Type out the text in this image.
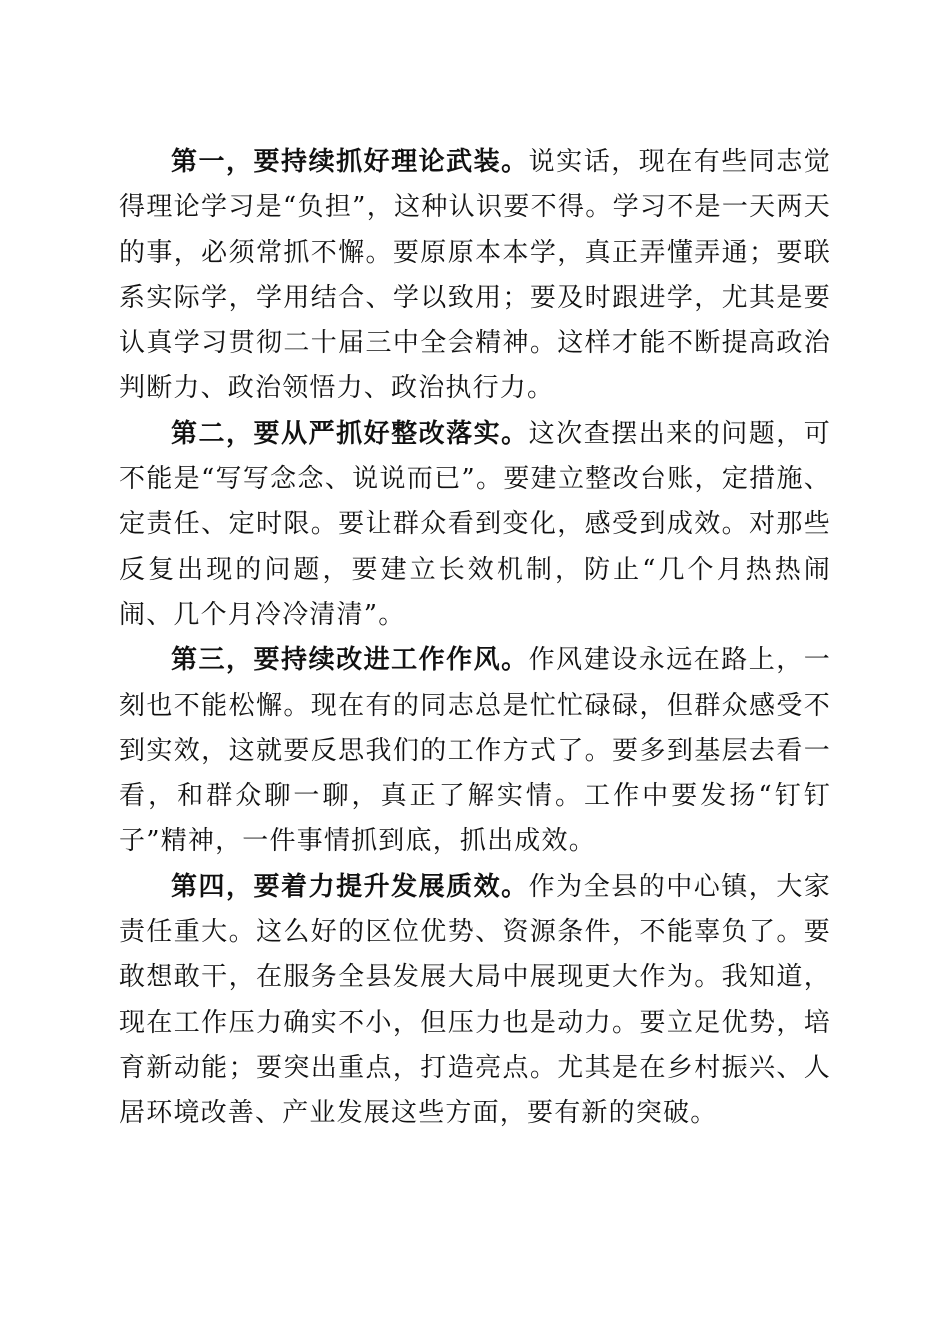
第一，要持续抓好理论武装。说实话，现在有些同志觉得理论学习是“负担”，这种认识要不得。学习不是一天两天的事，必须常抓不懈。要原原本本学，真正弄懂弄通；要联系实际学，学用结合、学以致用；要及时跟进学，尤其是要认真学习贯彻二十届三中全会精神。这样才能不断提高政治判断力、政治领悟力、政治执行力。

第二，要从严抓好整改落实。这次查摆出来的问题，可不能是“写写念念、说说而已”。要建立整改台账，定措施、定责任、定时限。要让群众看到变化，感受到成效。对那些反复出现的问题，要建立长效机制，防止“几个月热热闹闹、几个月冷冷清清”。

第三，要持续改进工作作风。作风建设永远在路上，一刻也不能松懈。现在有的同志总是忙忙碌碌，但群众感受不到实效，这就要反思我们的工作方式了。要多到基层去看一看，和群众聊一聊，真正了解实情。工作中要发扬“钉钉子”精神，一件事情抓到底，抓出成效。

第四，要着力提升发展质效。作为全县的中心镇，大家责任重大。这么好的区位优势、资源条件，不能辜负了。要敢想敢干，在服务全县发展大局中展现更大作为。我知道，现在工作压力确实不小，但压力也是动力。要立足优势，培育新动能；要突出重点，打造亮点。尤其是在乡村振兴、人居环境改善、产业发展这些方面，要有新的突破。
